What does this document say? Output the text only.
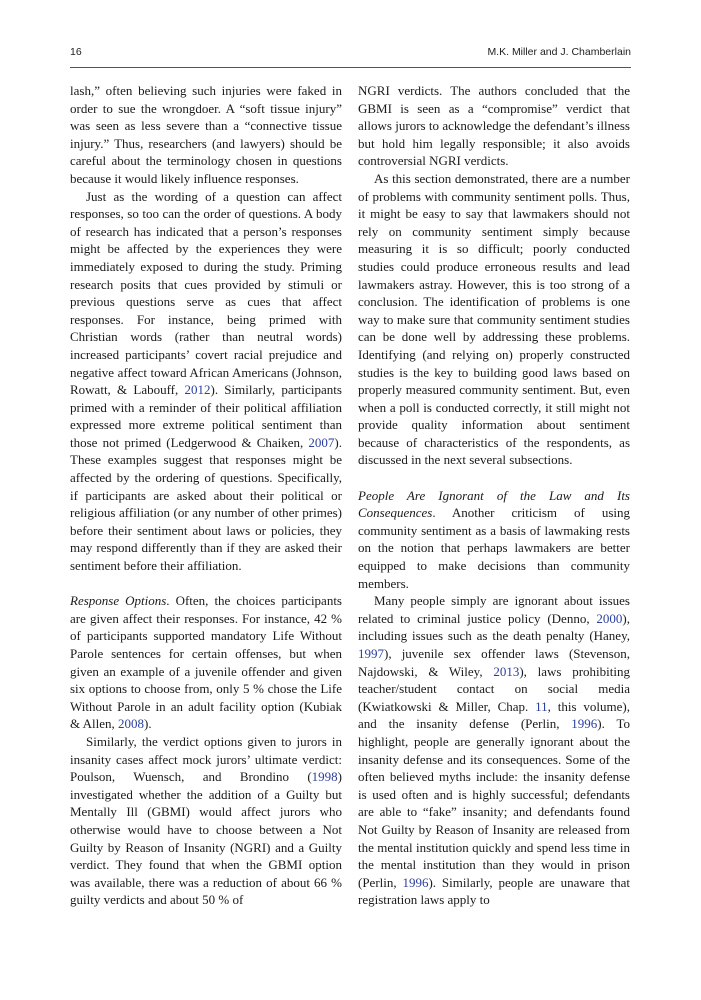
16	M.K. Miller and J. Chamberlain

lash,” often believing such injuries were faked in order to sue the wrongdoer. A “soft tissue injury” was seen as less severe than a “connective tissue injury.” Thus, researchers (and lawyers) should be careful about the terminology chosen in questions because it would likely influence responses.

Just as the wording of a question can affect responses, so too can the order of questions. A body of research has indicated that a person’s responses might be affected by the experiences they were immediately exposed to during the study. Priming research posits that cues provided by stimuli or previous questions serve as cues that affect responses. For instance, being primed with Christian words (rather than neutral words) increased participants’ covert racial prejudice and negative affect toward African Americans (Johnson, Rowatt, & Labouff, 2012). Similarly, participants primed with a reminder of their political affiliation expressed more extreme political sentiment than those not primed (Ledgerwood & Chaiken, 2007). These examples suggest that responses might be affected by the ordering of questions. Specifically, if participants are asked about their political or religious affiliation (or any number of other primes) before their sentiment about laws or policies, they may respond differently than if they are asked their sentiment before their affiliation.

Response Options. Often, the choices participants are given affect their responses. For instance, 42 % of participants supported mandatory Life Without Parole sentences for certain offenses, but when given an example of a juvenile offender and given six options to choose from, only 5 % chose the Life Without Parole in an adult facility option (Kubiak & Allen, 2008).

Similarly, the verdict options given to jurors in insanity cases affect mock jurors’ ultimate verdict: Poulson, Wuensch, and Brondino (1998) investigated whether the addition of a Guilty but Mentally Ill (GBMI) would affect jurors who otherwise would have to choose between a Not Guilty by Reason of Insanity (NGRI) and a Guilty verdict. They found that when the GBMI option was available, there was a reduction of about 66 % guilty verdicts and about 50 % of

NGRI verdicts. The authors concluded that the GBMI is seen as a “compromise” verdict that allows jurors to acknowledge the defendant’s illness but hold him legally responsible; it also avoids controversial NGRI verdicts.

As this section demonstrated, there are a number of problems with community sentiment polls. Thus, it might be easy to say that lawmakers should not rely on community sentiment simply because measuring it is so difficult; poorly conducted studies could produce erroneous results and lead lawmakers astray. However, this is too strong of a conclusion. The identification of problems is one way to make sure that community sentiment studies can be done well by addressing these problems. Identifying (and relying on) properly constructed studies is the key to building good laws based on properly measured community sentiment. But, even when a poll is conducted correctly, it still might not provide quality information about sentiment because of characteristics of the respondents, as discussed in the next several subsections.

People Are Ignorant of the Law and Its Consequences. Another criticism of using community sentiment as a basis of lawmaking rests on the notion that perhaps lawmakers are better equipped to make decisions than community members.

Many people simply are ignorant about issues related to criminal justice policy (Denno, 2000), including issues such as the death penalty (Haney, 1997), juvenile sex offender laws (Stevenson, Najdowski, & Wiley, 2013), laws prohibiting teacher/student contact on social media (Kwiatkowski & Miller, Chap. 11, this volume), and the insanity defense (Perlin, 1996). To highlight, people are generally ignorant about the insanity defense and its consequences. Some of the often believed myths include: the insanity defense is used often and is highly successful; defendants are able to “fake” insanity; and defendants found Not Guilty by Reason of Insanity are released from the mental institution quickly and spend less time in the mental institution than they would in prison (Perlin, 1996). Similarly, people are unaware that registration laws apply to
